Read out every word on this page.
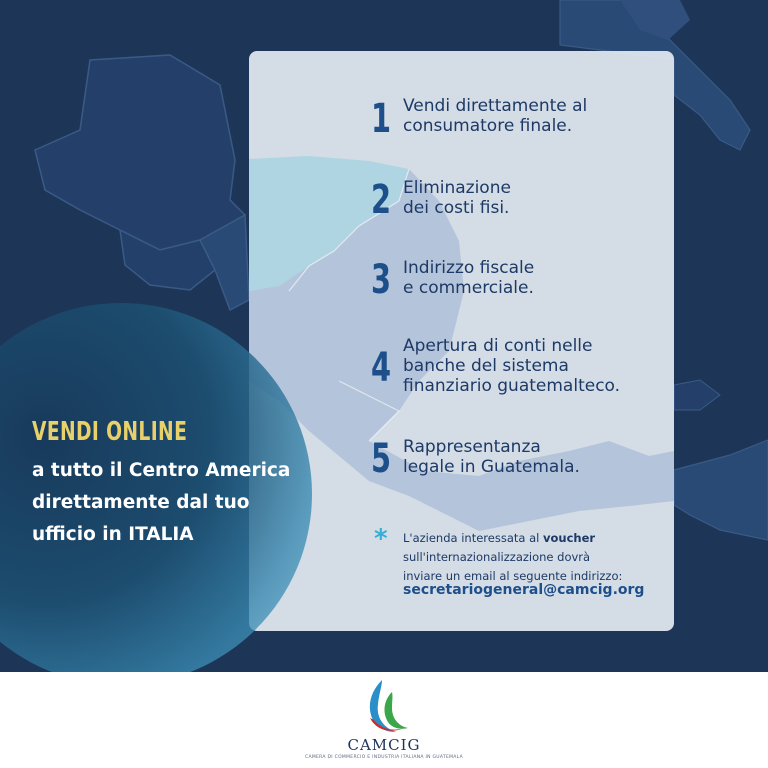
1 Vendi direttamente al
consumatore finale.
2 Eliminazione
dei costi fisi.
3 Indirizzo fiscale
e commerciale.
4 Apertura di conti nelle
banche del sistema
finanziario guatemalteco.
5 Rappresentanza
legale in Guatemala.
* L'azienda interessata al voucher
sull'internazionalizzazione dovrà
inviare un email al seguente indirizzo:
secretariogeneral@camcig.org
VENDI ONLINE
a tutto il Centro America
direttamente dal tuo
ufficio in ITALIA
CAMCIG
CAMERA DI COMMERCIO E INDUSTRIA ITALIANA IN GUATEMALA
